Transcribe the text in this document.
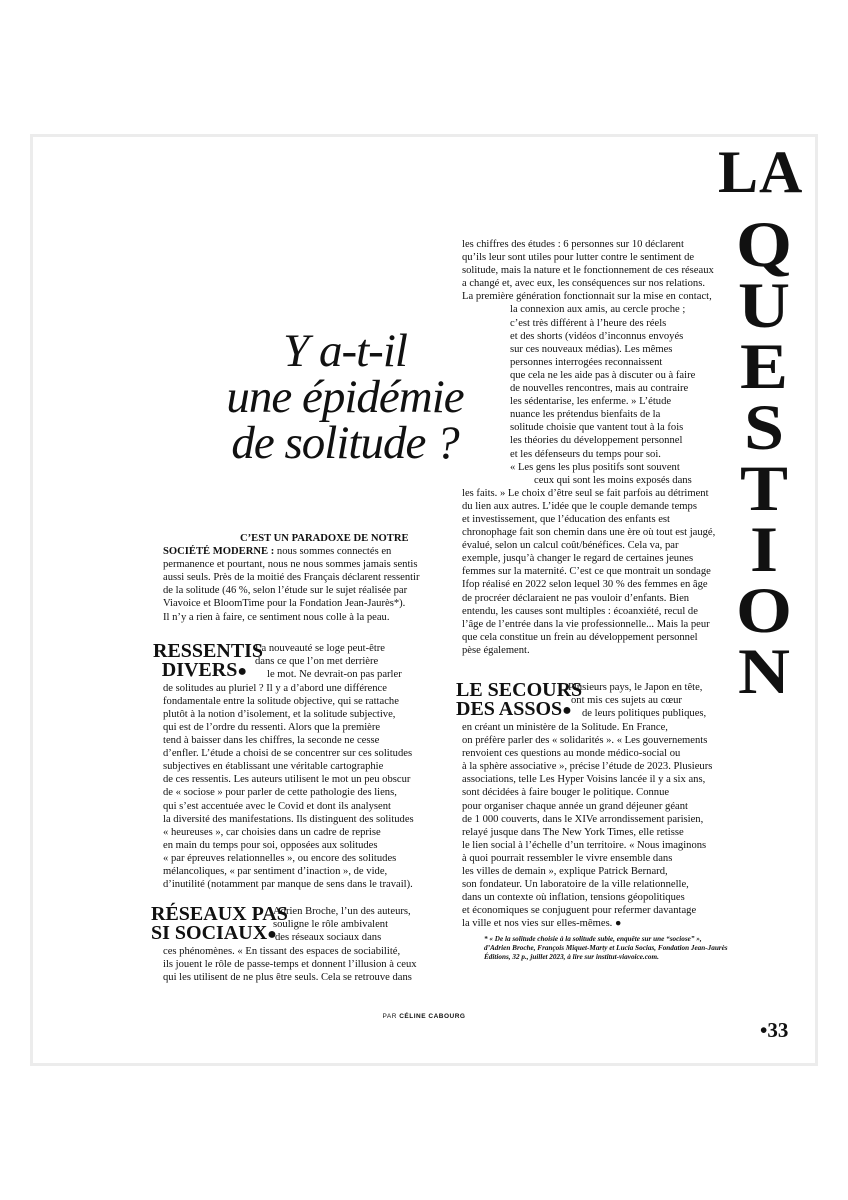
LA
Q
U
E
S
T
I
O
N
Y a-t-il
une épidémie
de solitude ?

C’EST UN PARADOXE DE NOTRE

SOCIÉTÉ MODERNE : nous sommes connectés en

permanence et pourtant, nous ne nous sommes jamais sentis

aussi seuls. Près de la moitié des Français déclarent ressentir

de la solitude (46 %, selon l’étude sur le sujet réalisée par

Viavoice et BloomTime pour la Fondation Jean-Jaurès*).

Il n’y a rien à faire, ce sentiment nous colle à la peau.

RESSENTIS
DIVERS●

La nouveauté se loge peut-être

dans ce que l’on met derrière

le mot. Ne devrait-on pas parler

de solitudes au pluriel ? Il y a d’abord une différence

fondamentale entre la solitude objective, qui se rattache

plutôt à la notion d’isolement, et la solitude subjective,

qui est de l’ordre du ressenti. Alors que la première

tend à baisser dans les chiffres, la seconde ne cesse

d’enfler. L’étude a choisi de se concentrer sur ces solitudes

subjectives en établissant une véritable cartographie

de ces ressentis. Les auteurs utilisent le mot un peu obscur

de « sociose » pour parler de cette pathologie des liens,

qui s’est accentuée avec le Covid et dont ils analysent

la diversité des manifestations. Ils distinguent des solitudes

« heureuses », car choisies dans un cadre de reprise

en main du temps pour soi, opposées aux solitudes

« par épreuves relationnelles », ou encore des solitudes

mélancoliques, « par sentiment d’inaction », de vide,

d’inutilité (notamment par manque de sens dans le travail).

RÉSEAUX PAS
SI SOCIAUX●

Adrien Broche, l’un des auteurs,

souligne le rôle ambivalent

des réseaux sociaux dans

ces phénomènes. « En tissant des espaces de sociabilité,

ils jouent le rôle de passe-temps et donnent l’illusion à ceux

qui les utilisent de ne plus être seuls. Cela se retrouve dans

les chiffres des études : 6 personnes sur 10 déclarent

qu’ils leur sont utiles pour lutter contre le sentiment de

solitude, mais la nature et le fonctionnement de ces réseaux

a changé et, avec eux, les conséquences sur nos relations.

La première génération fonctionnait sur la mise en contact,

la connexion aux amis, au cercle proche ;

c’est très différent à l’heure des réels

et des shorts (vidéos d’inconnus envoyés

sur ces nouveaux médias). Les mêmes

personnes interrogées reconnaissent

que cela ne les aide pas à discuter ou à faire

de nouvelles rencontres, mais au contraire

les sédentarise, les enferme. » L’étude

nuance les prétendus bienfaits de la

solitude choisie que vantent tout à la fois

les théories du développement personnel

et les défenseurs du temps pour soi.

« Les gens les plus positifs sont souvent

ceux qui sont les moins exposés dans

les faits. » Le choix d’être seul se fait parfois au détriment

du lien aux autres. L’idée que le couple demande temps

et investissement, que l’éducation des enfants est

chronophage fait son chemin dans une ère où tout est jaugé,

évalué, selon un calcul coût/bénéfices. Cela va, par

exemple, jusqu’à changer le regard de certaines jeunes

femmes sur la maternité. C’est ce que montrait un sondage

Ifop réalisé en 2022 selon lequel 30 % des femmes en âge

de procréer déclaraient ne pas vouloir d’enfants. Bien

entendu, les causes sont multiples : écoanxiété, recul de

l’âge de l’entrée dans la vie professionnelle... Mais la peur

que cela constitue un frein au développement personnel

pèse également.

LE SECOURS
DES ASSOS●

Plusieurs pays, le Japon en tête,

ont mis ces sujets au cœur

de leurs politiques publiques,

en créant un ministère de la Solitude. En France,

on préfère parler des « solidarités ». « Les gouvernements

renvoient ces questions au monde médico-social ou

à la sphère associative », précise l’étude de 2023. Plusieurs

associations, telle Les Hyper Voisins lancée il y a six ans,

sont décidées à faire bouger le politique. Connue

pour organiser chaque année un grand déjeuner géant

de 1 000 couverts, dans le XIVe arrondissement parisien,

relayé jusque dans The New York Times, elle retisse

le lien social à l’échelle d’un territoire. « Nous imaginons

à quoi pourrait ressembler le vivre ensemble dans

les villes de demain », explique Patrick Bernard,

son fondateur. Un laboratoire de la ville relationnelle,

dans un contexte où inflation, tensions géopolitiques

et économiques se conjuguent pour refermer davantage

la ville et nos vies sur elles-mêmes. ●

* « De la solitude choisie à la solitude subie, enquête sur une “sociose” »,

d’Adrien Broche, François Miquet-Marty et Lucia Socias, Fondation Jean-Jaurès

Éditions, 32 p., juillet 2023, à lire sur institut-viavoice.com.

PAR CÉLINE CABOURG
•33
